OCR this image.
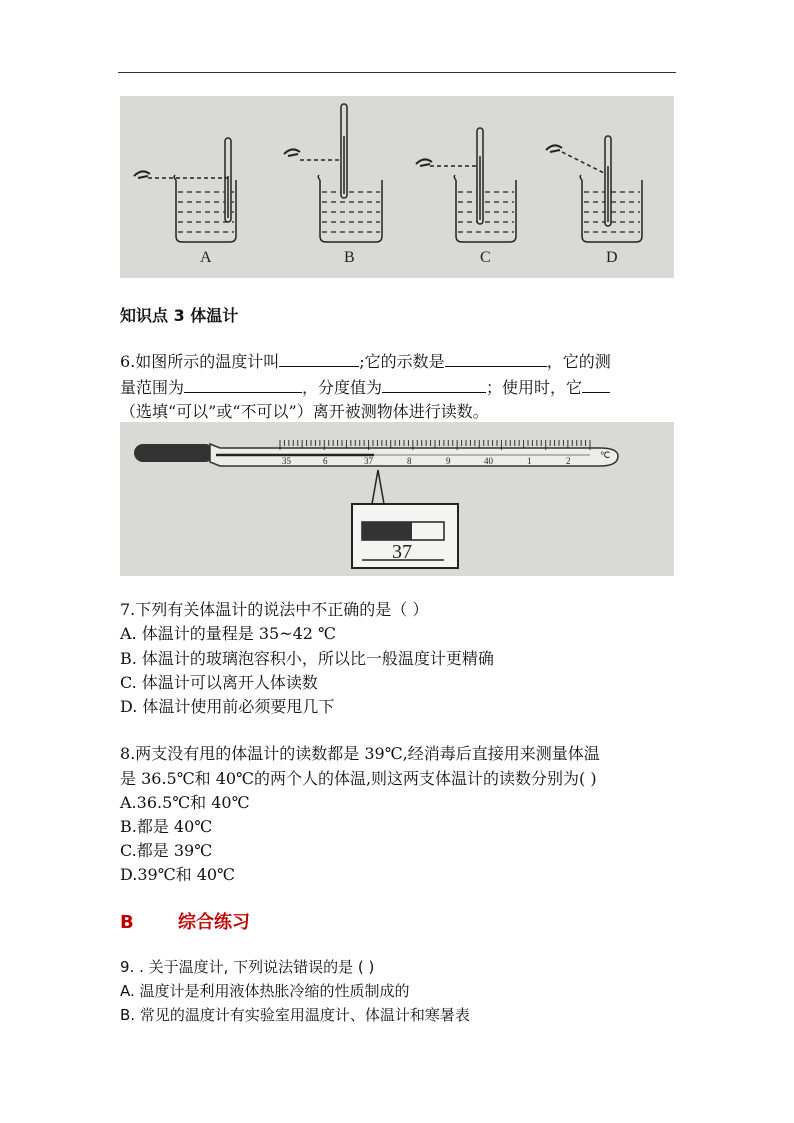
A	B	C	D
知识点 3 体温计
6.如图所示的温度计叫	;它的示数是	，它的测
量范围为	，分度值为	；使用时，它
（选填“可以”或“不可以”）离开被测物体进行读数。
35	6	37	8	9	40	1	2
℃
37
7.下列有关体温计的说法中不正确的是（ ）
A. 体温计的量程是 35~42 ℃
B. 体温计的玻璃泡容积小，所以比一般温度计更精确
C. 体温计可以离开人体读数
D. 体温计使用前必须要甩几下
8.两支没有甩的体温计的读数都是 39℃,经消毒后直接用来测量体温
是 36.5℃和 40℃的两个人的体温,则这两支体温计的读数分别为( )
A.36.5℃和 40℃
B.都是 40℃
C.都是 39℃
D.39℃和 40℃
B 综合练习
9. . 关于温度计, 下列说法错误的是 ( )
A. 温度计是利用液体热胀冷缩的性质制成的
B. 常见的温度计有实验室用温度计、体温计和寒暑表
